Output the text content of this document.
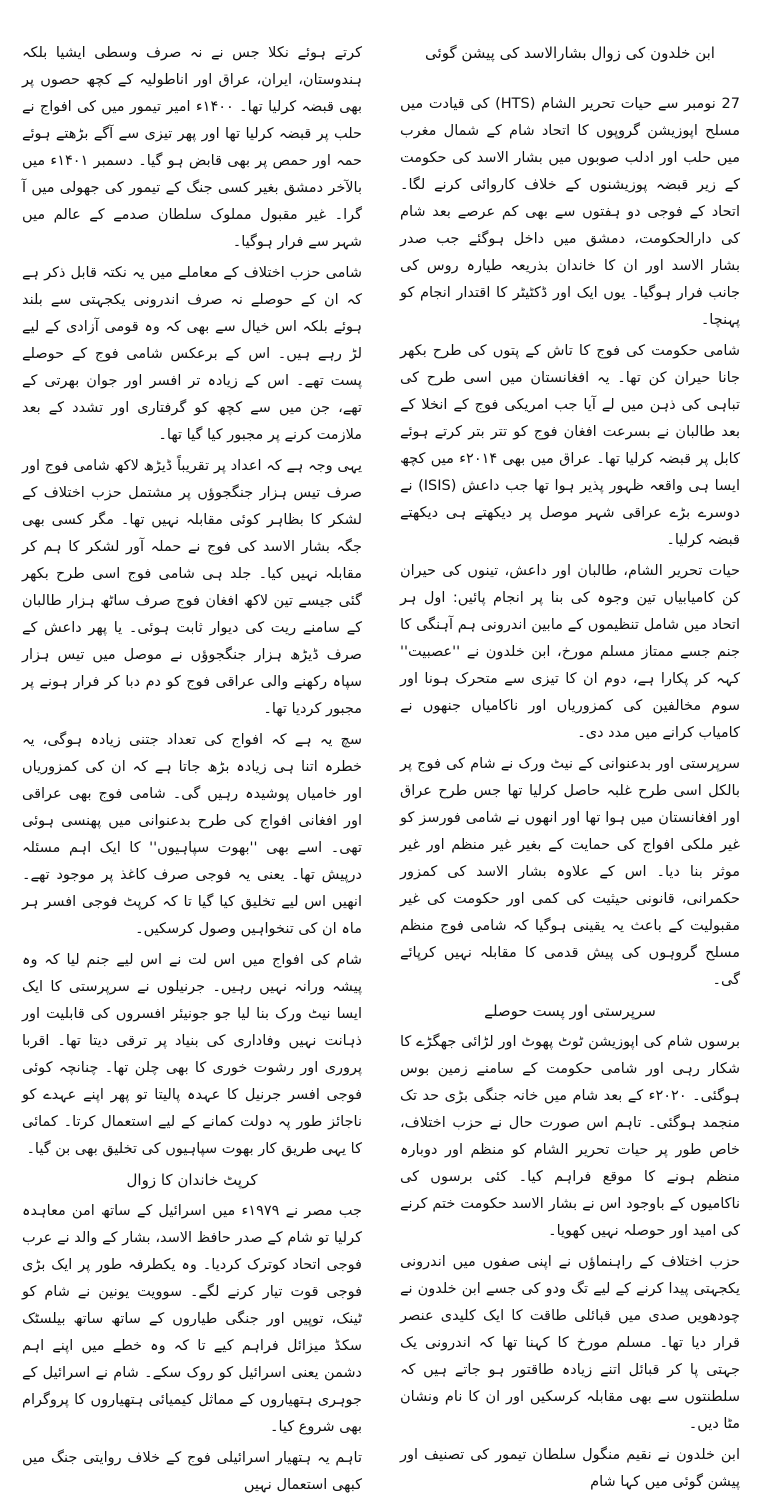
ابن خلدون کی زوال بشارالاسد کی پیشن گوئی

27 نومبر سے حیات تحریر الشام (HTS) کی قیادت میں مسلح اپوزیشن گروپوں کا اتحاد شام کے شمال مغرب میں حلب اور ادلب صوبوں میں بشار الاسد کی حکومت کے زیر قبضہ پوزیشنوں کے خلاف کاروائی کرنے لگا۔ اتحاد کے فوجی دو ہفتوں سے بھی کم عرصے بعد شام کی دارالحکومت، دمشق میں داخل ہوگئے جب صدر بشار الاسد اور ان کا خاندان بذریعہ طیارہ روس کی جانب فرار ہوگیا۔ یوں ایک اور ڈکٹیٹر کا اقتدار انجام کو پہنچا۔

شامی حکومت کی فوج کا تاش کے پتوں کی طرح بکھر جانا حیران کن تھا۔ یہ افغانستان میں اسی طرح کی تباہی کی ذہن میں لے آیا جب امریکی فوج کے انخلا کے بعد طالبان نے بسرعت افغان فوج کو تتر بتر کرتے ہوئے کابل پر قبضہ کرلیا تھا۔ عراق میں بھی ۲۰۱۴ء میں کچھ ایسا ہی واقعہ ظہور پذیر ہوا تھا جب داعش (ISIS) نے دوسرے بڑے عراقی شہر موصل پر دیکھتے ہی دیکھتے قبضہ کرلیا۔

حیات تحریر الشام، طالبان اور داعش، تینوں کی حیران کن کامیابیاں تین وجوہ کی بنا پر انجام پائیں: اول ہر اتحاد میں شامل تنظیموں کے مابین اندرونی ہم آہنگی کا جنم جسے ممتاز مسلم مورخ، ابن خلدون نے ''عصبیت'' کہہ کر پکارا ہے، دوم ان کا تیزی سے متحرک ہونا اور سوم مخالفین کی کمزوریاں اور ناکامیاں جنھوں نے کامیاب کرانے میں مدد دی۔

سرپرستی اور بدعنوانی کے نیٹ ورک نے شام کی فوج پر بالکل اسی طرح غلبہ حاصل کرلیا تھا جس طرح عراق اور افغانستان میں ہوا تھا اور انھوں نے شامی فورسز کو غیر ملکی افواج کی حمایت کے بغیر غیر منظم اور غیر موثر بنا دیا۔ اس کے علاوہ بشار الاسد کی کمزور حکمرانی، قانونی حیثیت کی کمی اور حکومت کی غیر مقبولیت کے باعث یہ یقینی ہوگیا کہ شامی فوج منظم مسلح گروہوں کی پیش قدمی کا مقابلہ نہیں کرپائے گی۔

سرپرستی اور پست حوصلے

برسوں شام کی اپوزیشن ٹوٹ پھوٹ اور لڑائی جھگڑے کا شکار رہی اور شامی حکومت کے سامنے زمین بوس ہوگئی۔ ۲۰۲۰ء کے بعد شام میں خانہ جنگی بڑی حد تک منجمد ہوگئی۔ تاہم اس صورت حال نے حزب اختلاف، خاص طور پر حیات تحریر الشام کو منظم اور دوبارہ منظم ہونے کا موقع فراہم کیا۔ کئی برسوں کی ناکامیوں کے باوجود اس نے بشار الاسد حکومت ختم کرنے کی امید اور حوصلہ نہیں کھویا۔

حزب اختلاف کے راہنماؤں نے اپنی صفوں میں اندرونی یکجہتی پیدا کرنے کے لیے تگ ودو کی جسے ابن خلدون نے چودھویں صدی میں قبائلی طاقت کا ایک کلیدی عنصر قرار دیا تھا۔ مسلم مورخ کا کہنا تھا کہ اندرونی یک جہتی پا کر قبائل اتنے زیادہ طاقتور ہو جاتے ہیں کہ سلطنتوں سے بھی مقابلہ کرسکیں اور ان کا نام ونشان مٹا دیں۔

ابن خلدون نے نقیم منگول سلطان تیمور کی تصنیف اور پیشن گوئی میں کہا شام

کرتے ہوئے نکلا جس نے نہ صرف وسطی ایشیا بلکہ ہندوستان، ایران، عراق اور اناطولیہ کے کچھ حصوں پر بھی قبضہ کرلیا تھا۔ ۱۴۰۰ء امیر تیمور میں کی افواج نے حلب پر قبضہ کرلیا تھا اور پھر تیزی سے آگے بڑھتے ہوئے حمہ اور حمص پر بھی قابض ہو گیا۔ دسمبر ۱۴۰۱ء میں بالآخر دمشق بغیر کسی جنگ کے تیمور کی جھولی میں آ گرا۔ غیر مقبول مملوک سلطان صدمے کے عالم میں شہر سے فرار ہوگیا۔

شامی حزب اختلاف کے معاملے میں یہ نکتہ قابل ذکر ہے کہ ان کے حوصلے نہ صرف اندرونی یکجہتی سے بلند ہوئے بلکہ اس خیال سے بھی کہ وہ قومی آزادی کے لیے لڑ رہے ہیں۔ اس کے برعکس شامی فوج کے حوصلے پست تھے۔ اس کے زیادہ تر افسر اور جوان بھرتی کے تھے، جن میں سے کچھ کو گرفتاری اور تشدد کے بعد ملازمت کرنے پر مجبور کیا گیا تھا۔

یہی وجہ ہے کہ اعداد پر تقریباً ڈیڑھ لاکھ شامی فوج اور صرف تیس ہزار جنگجوؤں پر مشتمل حزب اختلاف کے لشکر کا بظاہر کوئی مقابلہ نہیں تھا۔ مگر کسی بھی جگہ بشار الاسد کی فوج نے حملہ آور لشکر کا ہم کر مقابلہ نہیں کیا۔ جلد ہی شامی فوج اسی طرح بکھر گئی جیسے تین لاکھ افغان فوج صرف ساٹھ ہزار طالبان کے سامنے ریت کی دیوار ثابت ہوئی۔ یا پھر داعش کے صرف ڈیڑھ ہزار جنگجوؤں نے موصل میں تیس ہزار سپاہ رکھنے والی عراقی فوج کو دم دبا کر فرار ہونے پر مجبور کردیا تھا۔

سچ یہ ہے کہ افواج کی تعداد جتنی زیادہ ہوگی، یہ خطرہ اتنا ہی زیادہ بڑھ جاتا ہے کہ ان کی کمزوریاں اور خامیاں پوشیدہ رہیں گی۔ شامی فوج بھی عراقی اور افغانی افواج کی طرح بدعنوانی میں پھنسی ہوئی تھی۔ اسے بھی ''بھوت سپاہیوں'' کا ایک اہم مسئلہ درپیش تھا۔ یعنی یہ فوجی صرف کاغذ پر موجود تھے۔ انھیں اس لیے تخلیق کیا گیا تا کہ کرپٹ فوجی افسر ہر ماہ ان کی تنخواہیں وصول کرسکیں۔

شام کی افواج میں اس لت نے اس لیے جنم لیا کہ وہ پیشہ ورانہ نہیں رہیں۔ جرنیلوں نے سرپرستی کا ایک ایسا نیٹ ورک بنا لیا جو جونیئر افسروں کی قابلیت اور ذہانت نہیں وفاداری کی بنیاد پر ترقی دیتا تھا۔ اقربا پروری اور رشوت خوری کا بھی چلن تھا۔ چنانچہ کوئی فوجی افسر جرنیل کا عہدہ پالیتا تو پھر اپنے عہدے کو ناجائز طور پہ دولت کمانے کے لیے استعمال کرتا۔ کمائی کا یہی طریق کار بھوت سپاہیوں کی تخلیق بھی بن گیا۔

کرپٹ خاندان کا زوال

جب مصر نے ۱۹۷۹ء میں اسرائیل کے ساتھ امن معاہدہ کرلیا تو شام کے صدر حافظ الاسد، بشار کے والد نے عرب فوجی اتحاد کوترک کردیا۔ وہ یکطرفہ طور پر ایک بڑی فوجی قوت تیار کرنے لگے۔ سوویت یونین نے شام کو ٹینک، توپیں اور جنگی طیاروں کے ساتھ ساتھ بیلسٹک سکڈ میزائل فراہم کیے تا کہ وہ خطے میں اپنے اہم دشمن یعنی اسرائیل کو روک سکے۔ شام نے اسرائیل کے جوہری ہتھیاروں کے مماثل کیمیائی ہتھیاروں کا پروگرام بھی شروع کیا۔

تاہم یہ ہتھیار اسرائیلی فوج کے خلاف روایتی جنگ میں کبھی استعمال نہیں
